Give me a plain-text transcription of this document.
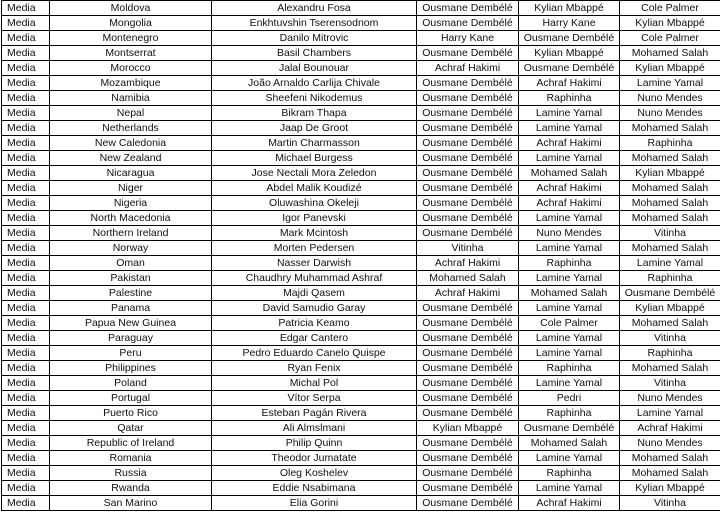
Media	Moldova	Alexandru Fosa	Ousmane Dembélé	Kylian Mbappé	Cole Palmer
Media	Mongolia	Enkhtuvshin Tserensodnom	Ousmane Dembélé	Harry Kane	Kylian Mbappé
Media	Montenegro	Danilo Mitrovic	Harry Kane	Ousmane Dembélé	Cole Palmer
Media	Montserrat	Basil Chambers	Ousmane Dembélé	Kylian Mbappé	Mohamed Salah
Media	Morocco	Jalal Bounouar	Achraf Hakimi	Ousmane Dembélé	Kylian Mbappé
Media	Mozambique	João Arnaldo Carlija Chivale	Ousmane Dembélé	Achraf Hakimi	Lamine Yamal
Media	Namibia	Sheefeni Nikodemus	Ousmane Dembélé	Raphinha	Nuno Mendes
Media	Nepal	Bikram Thapa	Ousmane Dembélé	Lamine Yamal	Nuno Mendes
Media	Netherlands	Jaap De Groot	Ousmane Dembélé	Lamine Yamal	Mohamed Salah
Media	New Caledonia	Martin Charmasson	Ousmane Dembélé	Achraf Hakimi	Raphinha
Media	New Zealand	Michael Burgess	Ousmane Dembélé	Lamine Yamal	Mohamed Salah
Media	Nicaragua	Jose Nectali Mora Zeledon	Ousmane Dembélé	Mohamed Salah	Kylian Mbappé
Media	Niger	Abdel Malik Koudizé	Ousmane Dembélé	Achraf Hakimi	Mohamed Salah
Media	Nigeria	Oluwashina Okeleji	Ousmane Dembélé	Achraf Hakimi	Mohamed Salah
Media	North Macedonia	Igor Panevski	Ousmane Dembélé	Lamine Yamal	Mohamed Salah
Media	Northern Ireland	Mark Mcintosh	Ousmane Dembélé	Nuno Mendes	Vitinha
Media	Norway	Morten Pedersen	Vitinha	Lamine Yamal	Mohamed Salah
Media	Oman	Nasser Darwish	Achraf Hakimi	Raphinha	Lamine Yamal
Media	Pakistan	Chaudhry Muhammad Ashraf	Mohamed Salah	Lamine Yamal	Raphinha
Media	Palestine	Majdi Qasem	Achraf Hakimi	Mohamed Salah	Ousmane Dembélé
Media	Panama	David Samudio Garay	Ousmane Dembélé	Lamine Yamal	Kylian Mbappé
Media	Papua New Guinea	Patricia Keamo	Ousmane Dembélé	Cole Palmer	Mohamed Salah
Media	Paraguay	Edgar Cantero	Ousmane Dembélé	Lamine Yamal	Vitinha
Media	Peru	Pedro Eduardo Canelo Quispe	Ousmane Dembélé	Lamine Yamal	Raphinha
Media	Philippines	Ryan Fenix	Ousmane Dembélé	Raphinha	Mohamed Salah
Media	Poland	Michal Pol	Ousmane Dembélé	Lamine Yamal	Vitinha
Media	Portugal	Vítor Serpa	Ousmane Dembélé	Pedri	Nuno Mendes
Media	Puerto Rico	Esteban Pagán Rivera	Ousmane Dembélé	Raphinha	Lamine Yamal
Media	Qatar	Ali Almslmani	Kylian Mbappé	Ousmane Dembélé	Achraf Hakimi
Media	Republic of Ireland	Philip Quinn	Ousmane Dembélé	Mohamed Salah	Nuno Mendes
Media	Romania	Theodor Jumatate	Ousmane Dembélé	Lamine Yamal	Mohamed Salah
Media	Russia	Oleg Koshelev	Ousmane Dembélé	Raphinha	Mohamed Salah
Media	Rwanda	Eddie Nsabimana	Ousmane Dembélé	Lamine Yamal	Kylian Mbappé
Media	San Marino	Elia Gorini	Ousmane Dembélé	Achraf Hakimi	Vitinha
